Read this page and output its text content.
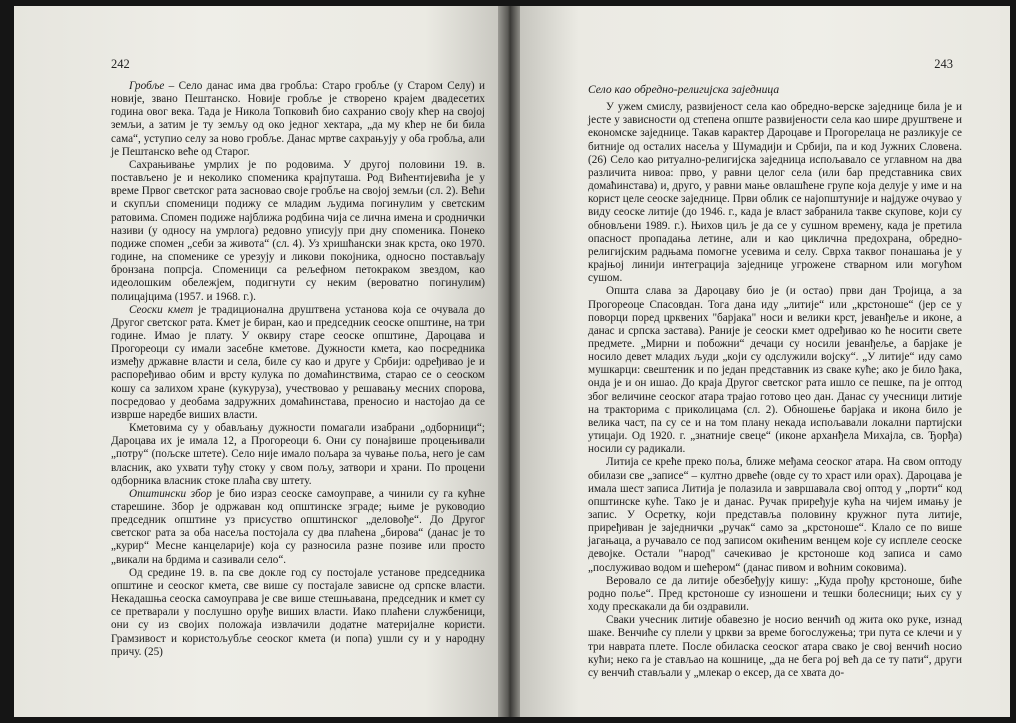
242

Гробље – Село данас има два гробља: Старо гробље (у Старом Селу) и новије, звано Пештанско. Новије гробље је створено крајем двадесетих година овог века. Тада је Никола Топковић био сахранио своју кћер на својој земљи, а затим је ту земљу од око једног хектара, „да му кћер не би била сама“, уступио селу за ново гробље. Данас мртве сахрањују у оба гробља, али је Пештанско веће од Старог.

Сахрањивање умрлих је по родовима. У другој половини 19. в. постављено је и неколико споменика крајпуташа. Род Вићентијевића је у време Првог светског рата засновао своје гробље на својој земљи (сл. 2). Већи и скупљи споменици подижу се младим људима погинулим у светским ратовима. Спомен подиже најближа родбина чија се лична имена и сроднички називи (у односу на умрлога) редовно уписују при дну споменика. Понеко подиже спомен „себи за живота“ (сл. 4). Уз хришћански знак крста, око 1970. године, на споменике се урезују и ликови покојника, односно постављају бронзана попрсја. Споменици са рељефном петокраком звездом, као идеолошким обележјем, подигнути су неким (вероватно погинулим) полицајцима (1957. и 1968. г.).

Сеоски кмет је традиционална друштвена установа која се очувала до Другог светског рата. Кмет је биран, као и председник сеоске општине, на три године. Имао је плату. У оквиру старе сеоске општине, Дароцава и Прогореоци су имали засебне кметове. Дужности кмета, као посредника између државне власти и села, биле су као и друге у Србији: одређивао је и распоређивао обим и врсту кулука по домаћинствима, старао се о сеоском кошу са залихом хране (кукуруза), учествовао у решавању месних спорова, посредовао у деобама задружних домаћинстава, преносио и настојао да се изврше наредбе виших власти.

Кметовима су у обављању дужности помагали изабрани „одборници“; Дароцава их је имала 12, а Прогореоци 6. Они су понајвише процењивали „потру“ (пољске штете). Село није имало пољара за чување поља, него је сам власник, ако ухвати туђу стоку у свом пољу, затвори и храни. По процени одборника власник стоке плаћа сву штету.

Општински збор је био израз сеоске самоуправе, а чинили су га кућне старешине. Збор је одржаван код општинске зграде; њиме је руководио председник општине уз присуство општинског „деловође“. До Другог светског рата за оба насеља постојала су два плаћена „бирова“ (данас је то „курир“ Месне канцеларије) која су разносила разне позиве или просто „викали на брдима и сазивали село“.

Од средине 19. в. па све докле год су постојале установе председника општине и сеоског кмета, све више су постајале зависне од српске власти. Некадашња сеоска самоуправа је све више стешњавана, председник и кмет су се претварали у послушно оруђе виших власти. Иако плаћени службеници, они су из својих положаја извлачили додатне материјалне користи. Грамзивост и користољубље сеоског кмета (и попа) ушли су и у народну причу. (25)

243
Село као обредно-религијска заједница

У ужем смислу, развијеност села као обредно-верске заједнице била је и јесте у зависности од степена опште развијености села као шире друштвене и економске заједнице. Такав карактер Дароцаве и Прогорелаца не разликује се битније од осталих насеља у Шумадији и Србији, па и код Јужних Словена. (26) Село као ритуално-религијска заједница испољавало се углавном на два различита нивоа: прво, у равни целог села (или бар представника свих домаћинстава) и, друго, у равни мање овлашћене групе која делује у име и на корист целе сеоске заједнице. Први облик се најопштуније и најдуже очувао у виду сеоске литије (до 1946. г., када је власт забранила такве скупове, који су обновљени 1989. г.). Њихов циљ је да се у сушном времену, када је претила опасност пропадања летине, али и као циклична предохрана, обредно-религијским радњама помогне усевима и селу. Сврха таквог понашања је у крајњој линији интеграција заједнице угрожене стварном или могућом сушом.

Општа слава за Дароцаву био је (и остао) први дан Тројица, а за Прогореоце Спасовдан. Тога дана иду „литије“ или „крстоноше“ (јер се у поворци поред црквених "барјака" носи и велики крст, јеванђеље и иконе, а данас и српска застава). Раније је сеоски кмет одређивао ко ће носити свете предмете. „Мирни и побожни“ дечаци су носили јеванђеље, а барјаке је носило девет младих људи „који су одслужили војску“. „У литије“ иду само мушкарци: свештеник и по један представник из сваке куће; ако је било ђака, онда је и он ишао. До краја Другог светског рата ишло се пешке, па је оптод због величине сеоског атара трајао готово цео дан. Данас су учесници литије на тракторима с приколицама (сл. 2). Обношење барјака и икона било је велика част, па су се и на том плану некада испољавали локални партијски утицаји. Од 1920. г. „знатније свеце“ (иконе арханђела Михајла, св. Ђорђа) носили су радикали.

Литија се креће преко поља, ближе међама сеоског атара. На свом оптоду обилази све „записе“ – култно дрвеће (овде су то храст или орах). Дароцава је имала шест записа Литија је полазила и завршавала свој оптод у „порти“ код општинске куће. Тако је и данас. Ручак приређује кућа на чијем имању је запис. У Осретку, који представља половину кружног пута литије, приређиван је заједнички „ручак“ само за „крстоноше“. Клало се по више јагањаца, а ручавало се под записом окићеним венцем које су исплеле сеоске девојке. Остали "народ" сачекивао је крстоноше код записа и само „послуживао водом и шећером“ (данас пивом и воћним соковима).

Веровало се да литије обезбеђују кишу: „Куда прођу крстоноше, биће родно поље“. Пред крстоноше су изношени и тешки болесници; њих су у ходу прескакали да би оздравили.

Сваки учесник литије обавезно је носио венчић од жита око руке, изнад шаке. Венчиће су плели у цркви за време богослужења; три пута се клечи и у три наврата плете. После обиласка сеоског атара свако је свој венчић носио кући; неко га је стављао на кошнице, „да не бега рој већ да се ту пати“, други су венчић стављали у „млекар о ексер, да се хвата до-
